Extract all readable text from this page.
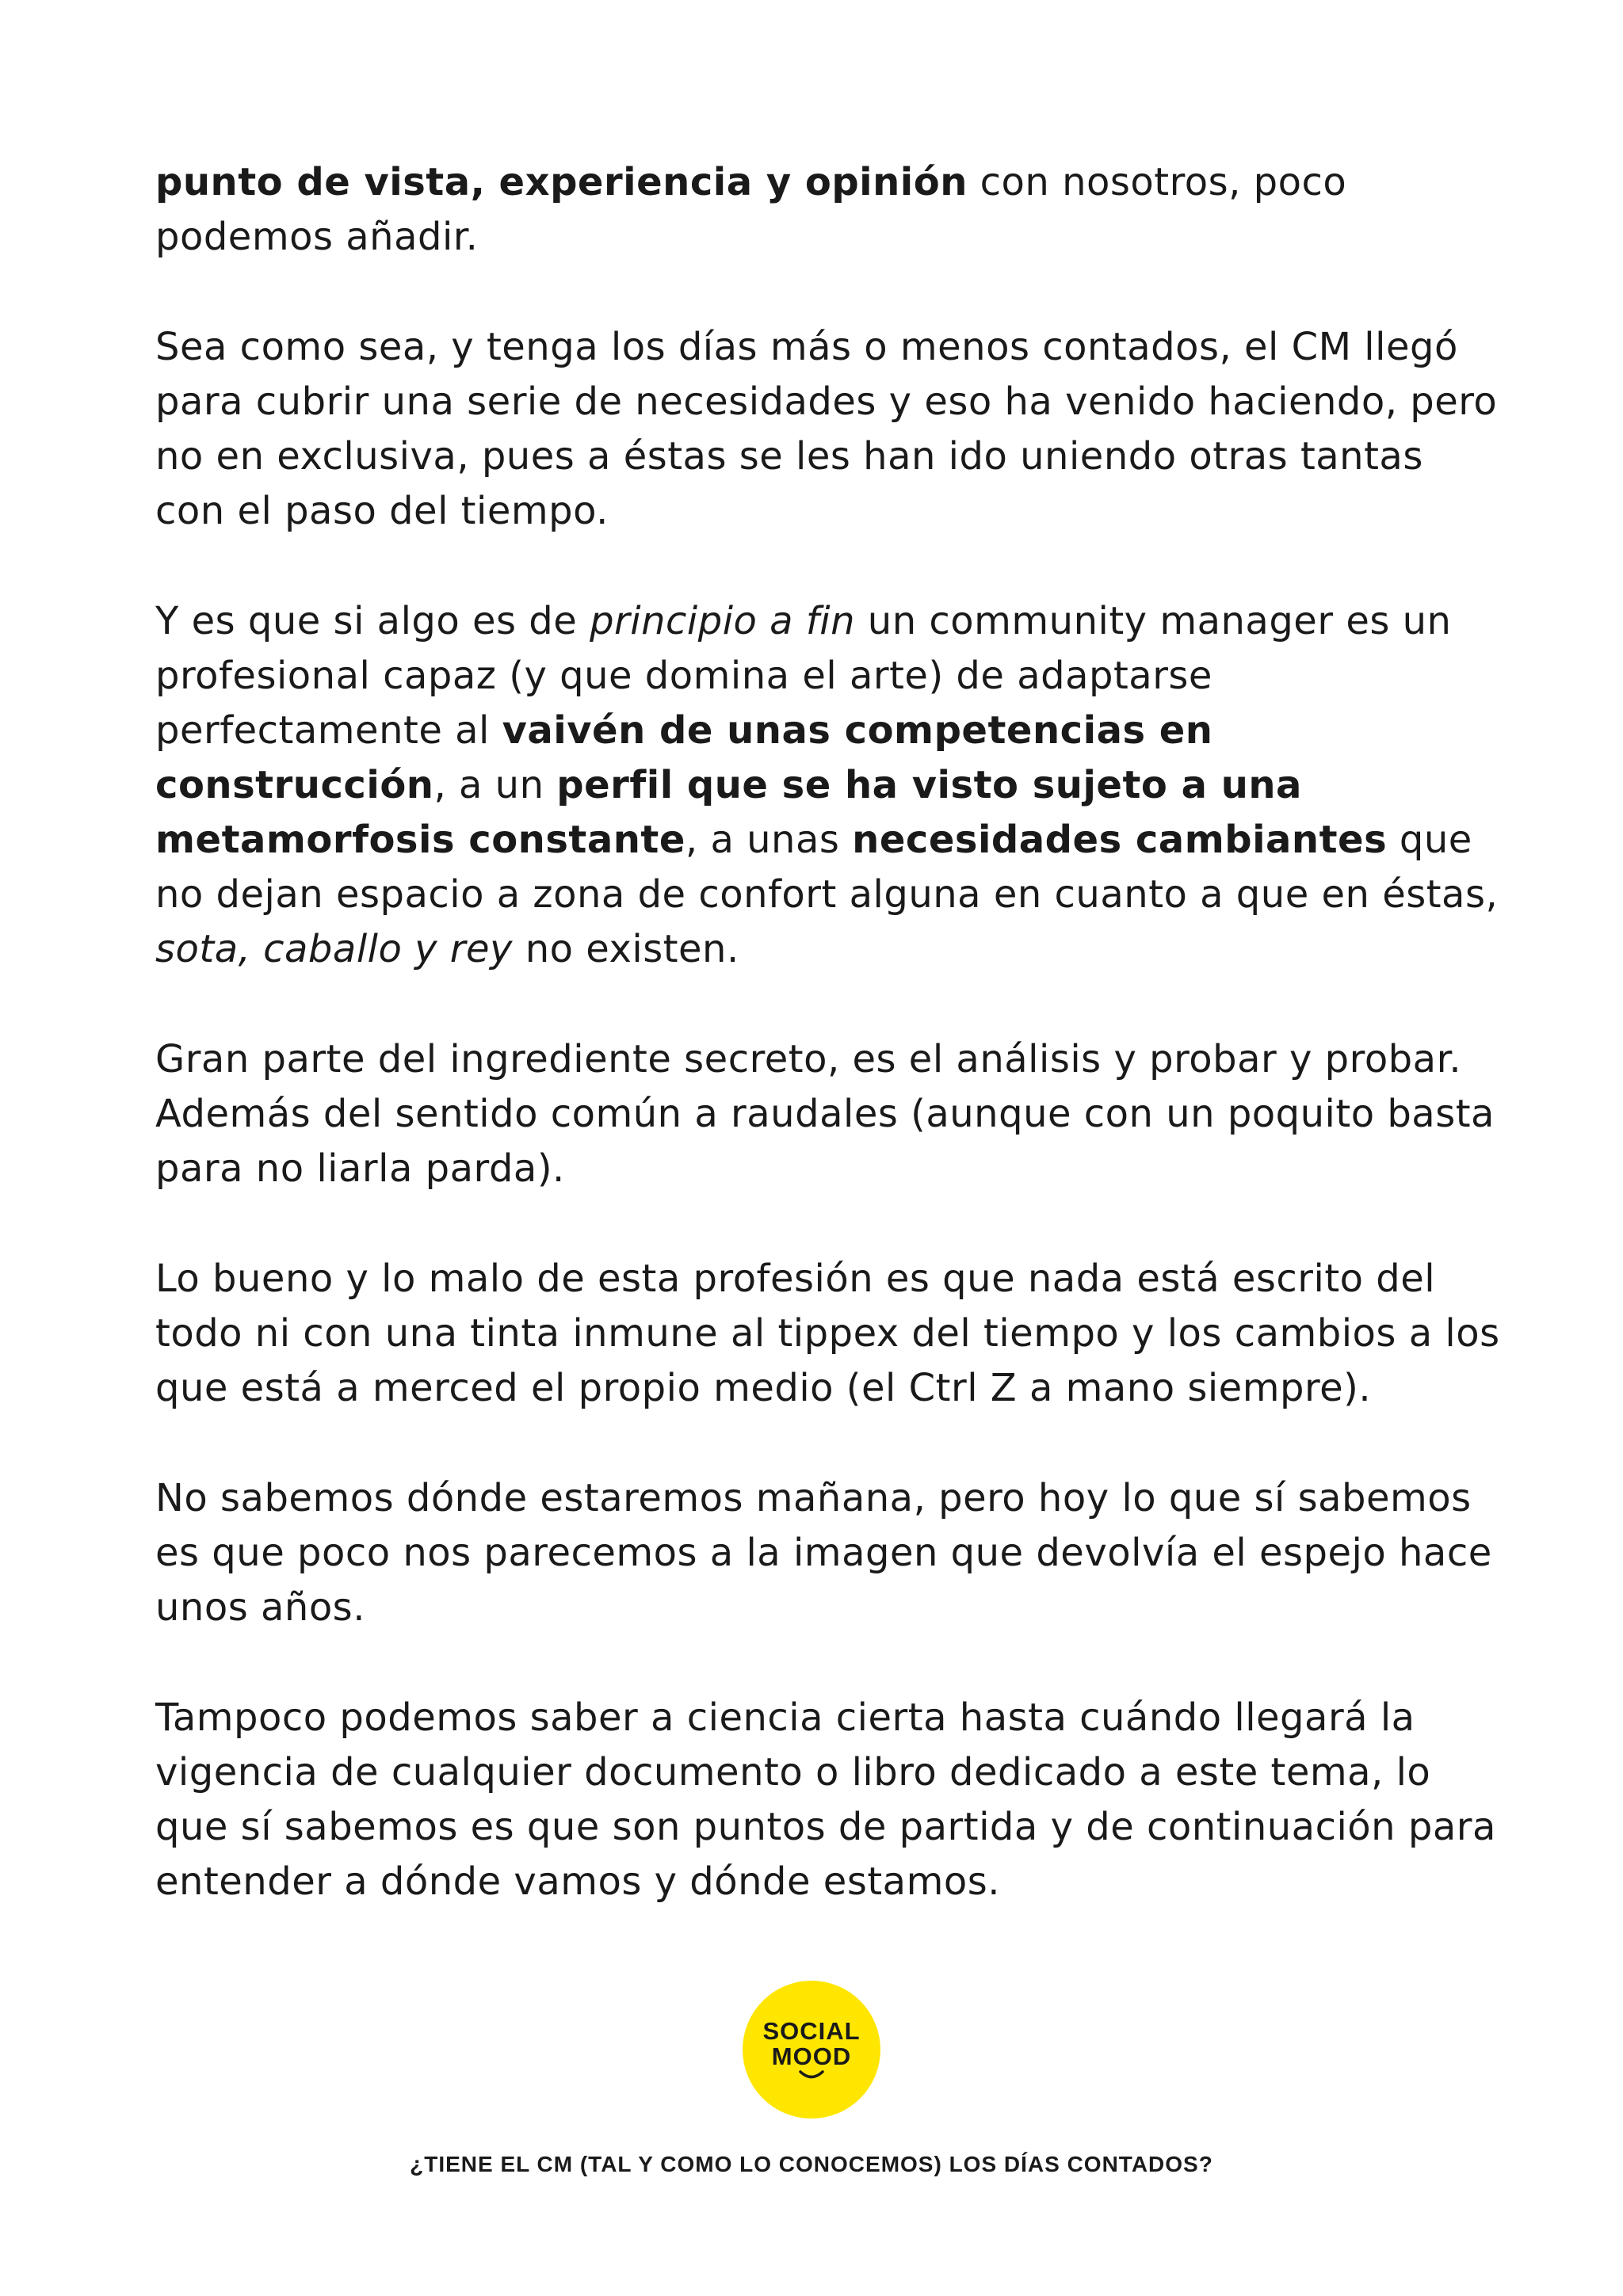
punto de vista, experiencia y opinión con nosotros, poco podemos añadir.

Sea como sea, y tenga los días más o menos contados, el CM llegó para cubrir una serie de necesidades y eso ha venido haciendo, pero no en exclusiva, pues a éstas se les han ido uniendo otras tantas con el paso del tiempo.

Y es que si algo es de principio a fin un community manager es un profesional capaz (y que domina el arte) de adaptarse perfectamente al vaivén de unas competencias en construcción, a un perfil que se ha visto sujeto a una metamorfosis constante, a unas necesidades cambiantes que no dejan espacio a zona de confort alguna en cuanto a que en éstas, sota, caballo y rey no existen.

Gran parte del ingrediente secreto, es el análisis y probar y probar. Además del sentido común a raudales (aunque con un poquito basta para no liarla parda).

Lo bueno y lo malo de esta profesión es que nada está escrito del todo ni con una tinta inmune al tippex del tiempo y los cambios a los que está a merced el propio medio (el Ctrl Z a mano siempre).

No sabemos dónde estaremos mañana, pero hoy lo que sí sabemos es que poco nos parecemos a la imagen que devolvía el espejo hace unos años.

Tampoco podemos saber a ciencia cierta hasta cuándo llegará la vigencia de cualquier documento o libro dedicado a este tema, lo que sí sabemos es que son puntos de partida y de continuación para entender a dónde vamos y dónde estamos.

SOCIAL
MOOD
¿TIENE EL CM (TAL Y COMO LO CONOCEMOS) LOS DÍAS CONTADOS?
